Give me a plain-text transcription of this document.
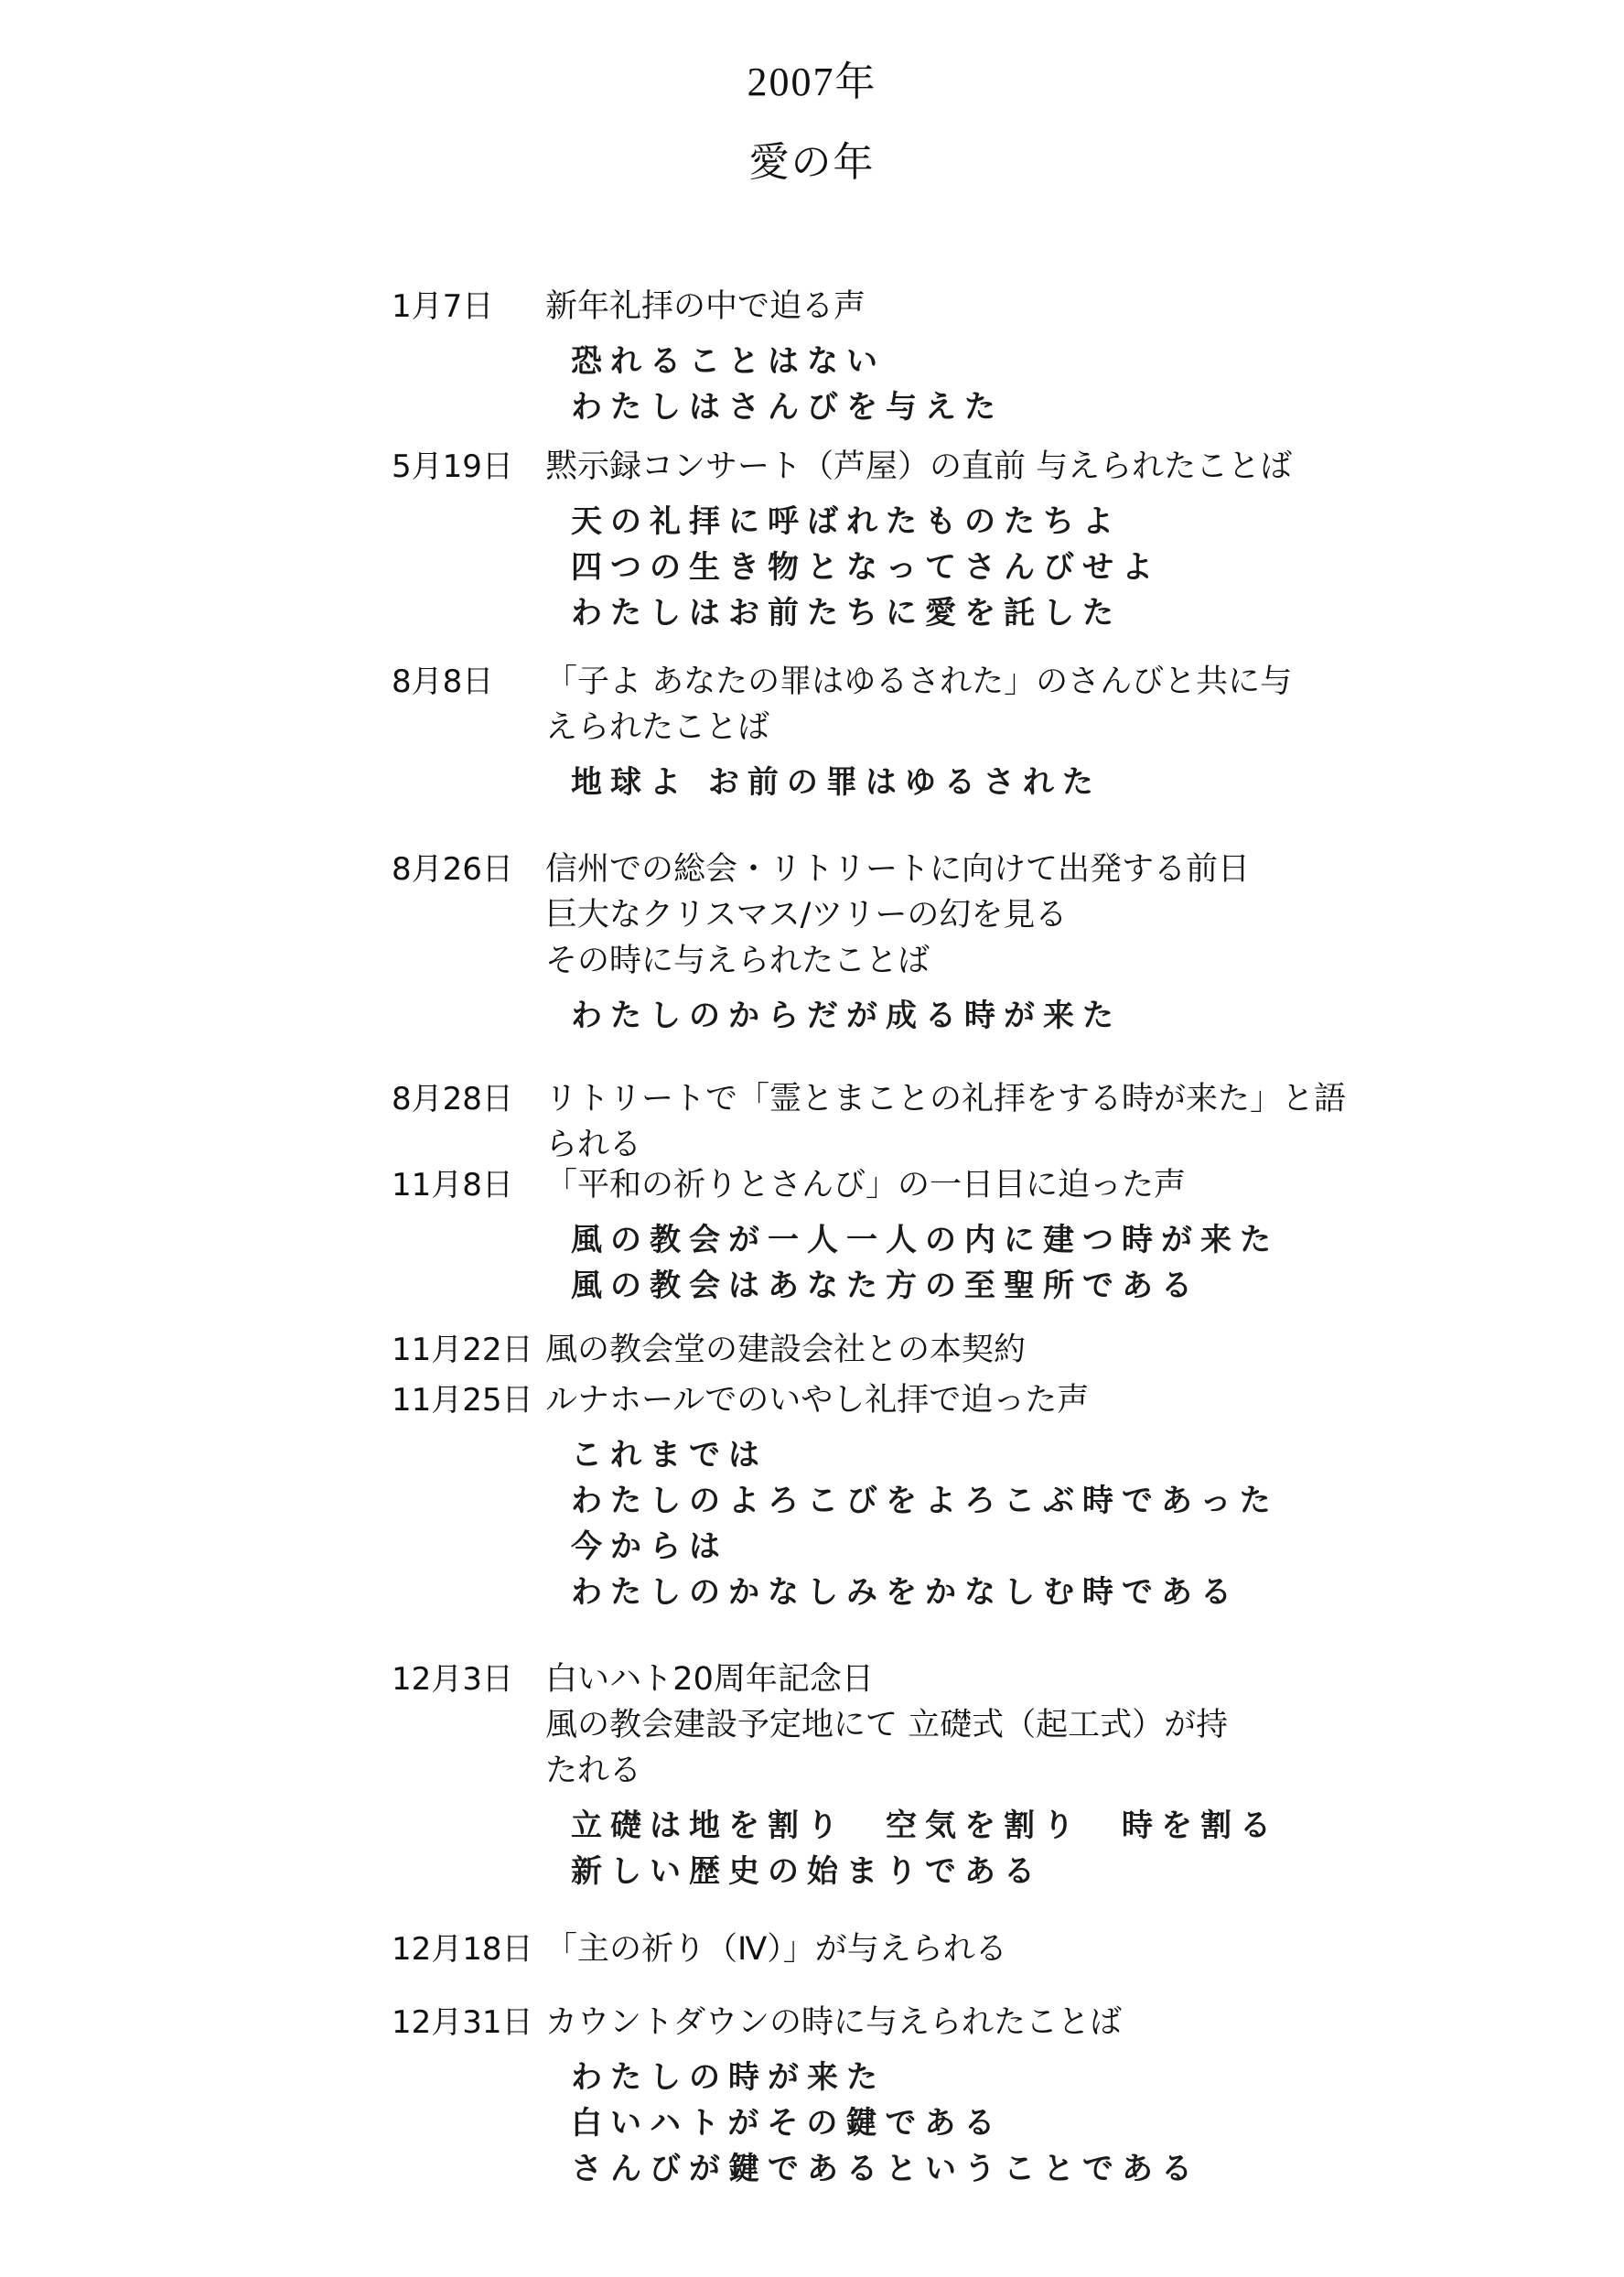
2007年
愛の年
1月7日	新年礼拝の中で迫る声
恐れることはない
わたしはさんびを与えた
5月19日	黙示録コンサート（芦屋）の直前 与えられたことば
天の礼拝に呼ばれたものたちよ
四つの生き物となってさんびせよ
わたしはお前たちに愛を託した
8月8日	「子よ あなたの罪はゆるされた」のさんびと共に与
えられたことば
地球よ お前の罪はゆるされた
8月26日	信州での総会・リトリートに向けて出発する前日
巨大なクリスマス/ツリーの幻を見る
その時に与えられたことば
わたしのからだが成る時が来た
8月28日	リトリートで「霊とまことの礼拝をする時が来た」と語
られる
11月8日	「平和の祈りとさんび」の一日目に迫った声
風の教会が一人一人の内に建つ時が来た
風の教会はあなた方の至聖所である
11月22日 風の教会堂の建設会社との本契約
11月25日 ルナホールでのいやし礼拝で迫った声
これまでは
わたしのよろこびをよろこぶ時であった
今からは
わたしのかなしみをかなしむ時である
12月3日	白いハト20周年記念日
風の教会建設予定地にて 立礎式（起工式）が持
たれる
立礎は地を割り　空気を割り　時を割る
新しい歴史の始まりである
12月18日 「主の祈り（Ⅳ）」が与えられる
12月31日 カウントダウンの時に与えられたことば
わたしの時が来た
白いハトがその鍵である
さんびが鍵であるということである
